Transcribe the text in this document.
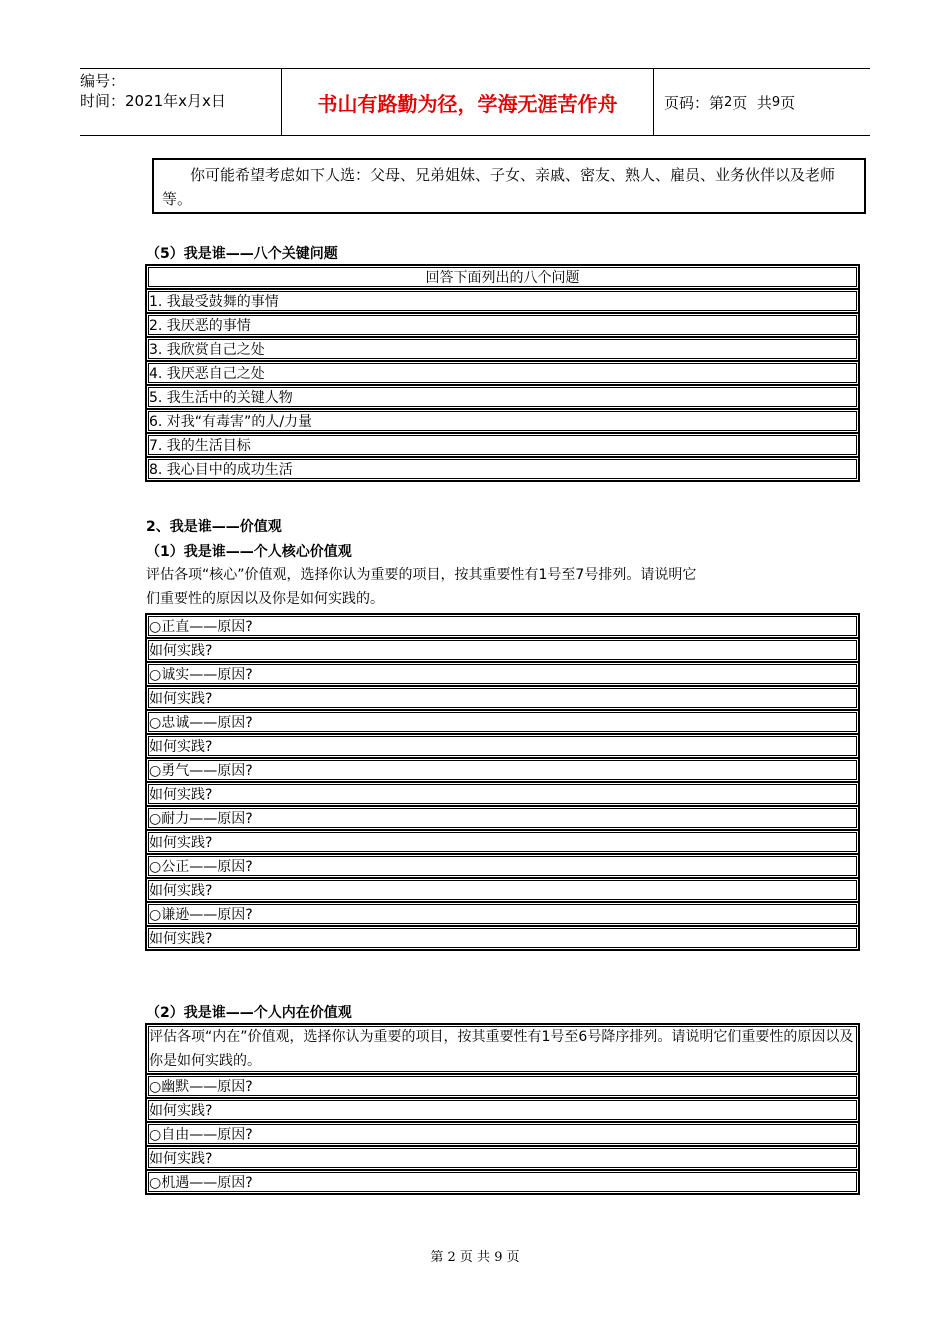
编号：
时间：2021年x月x日	书山有路勤为径，学海无涯苦作舟	页码：第 2 页  共 9 页
你可能希望考虑如下人选：父母、兄弟姐妹、子女、亲戚、密友、熟人、雇员、业务伙伴以及老师等。
（5）我是谁——八个关键问题
回答下面列出的八个问题
1. 我最受鼓舞的事情
2. 我厌恶的事情
3. 我欣赏自己之处
4. 我厌恶自己之处
5. 我生活中的关键人物
6. 对我“有毒害”的人/力量
7. 我的生活目标
8. 我心目中的成功生活
2、我是谁——价值观
（1）我是谁——个人核心价值观
评估各项“核心”价值观，选择你认为重要的项目，按其重要性有1号至7号排列。请说明它
们重要性的原因以及你是如何实践的。
○正直——原因?
如何实践?
○诚实——原因?
如何实践?
○忠诚——原因?
如何实践?
○勇气——原因?
如何实践?
○耐力——原因?
如何实践?
○公正——原因?
如何实践?
○谦逊——原因?
如何实践?
（2）我是谁——个人内在价值观
评估各项“内在”价值观，选择你认为重要的项目，按其重要性有1号至6号降序排列。请说明它们重要性的原因以及你是如何实践的。
○幽默——原因?
如何实践?
○自由——原因?
如何实践?
○机遇——原因?
第 2 页 共 9 页
